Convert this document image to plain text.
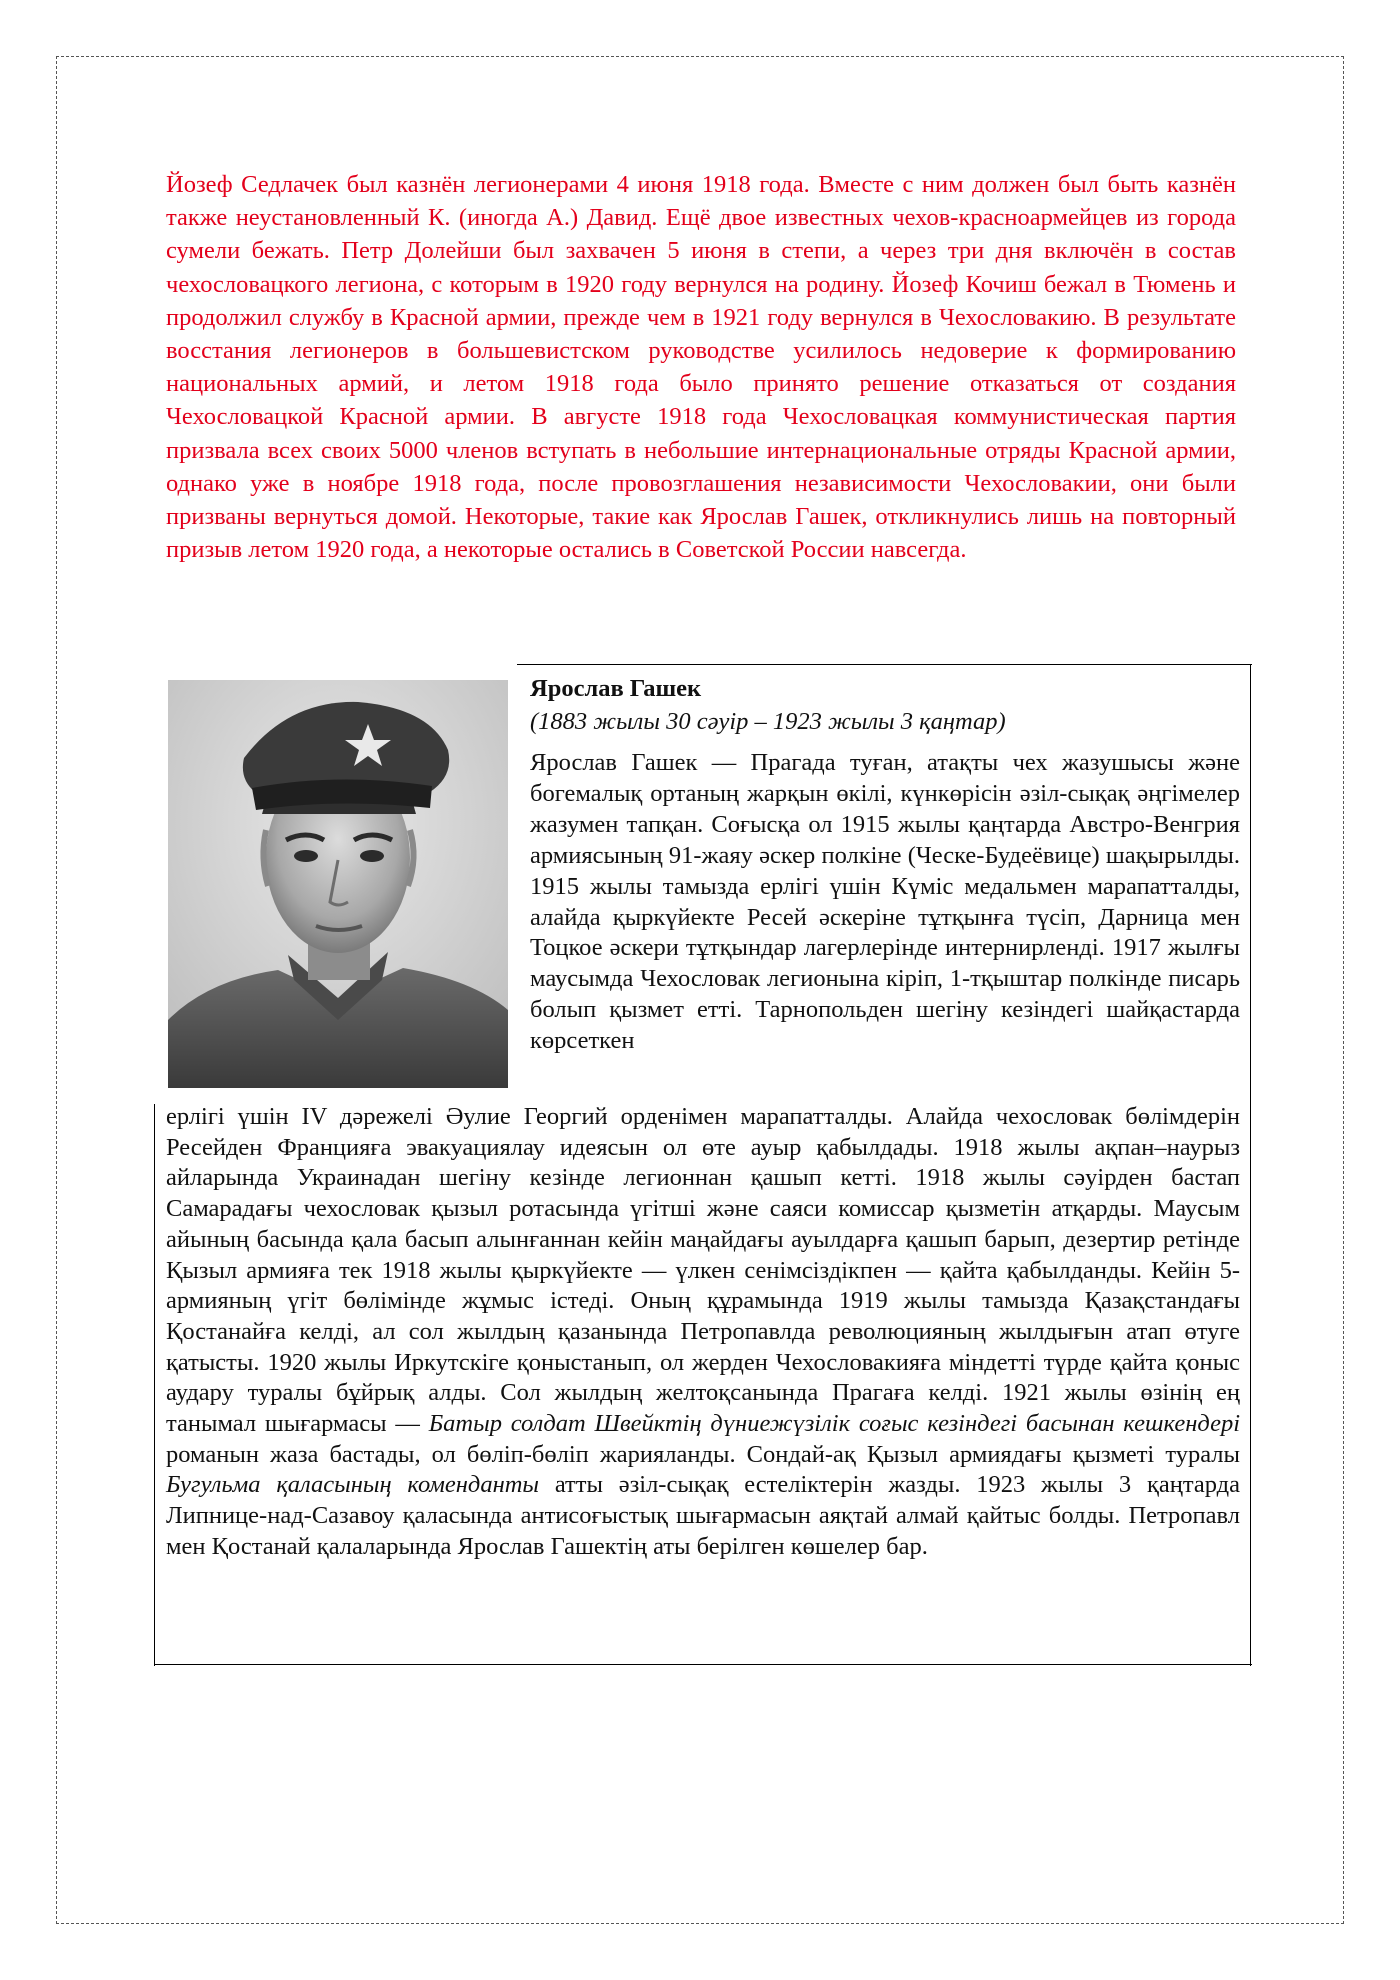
Йозеф Седлачек был казнён легионерами 4 июня 1918 года. Вместе с ним должен был быть казнён также неустановленный К. (иногда А.) Давид. Ещё двое известных чехов-красноармейцев из города сумели бежать. Петр Долейши был захвачен 5 июня в степи, а через три дня включён в состав чехословацкого легиона, с которым в 1920 году вернулся на родину. Йозеф Кочиш бежал в Тюмень и продолжил службу в Красной армии, прежде чем в 1921 году вернулся в Чехословакию. В результате восстания легионеров в большевистском руководстве усилилось недоверие к формированию национальных армий, и летом 1918 года было принято решение отказаться от создания Чехословацкой Красной армии. В августе 1918 года Чехословацкая коммунистическая партия призвала всех своих 5000 членов вступать в небольшие интернациональные отряды Красной армии, однако уже в ноябре 1918 года, после провозглашения независимости Чехословакии, они были призваны вернуться домой. Некоторые, такие как Ярослав Гашек, откликнулись лишь на повторный призыв летом 1920 года, а некоторые остались в Советской России навсегда.

Ярослав Гашек

(1883 жылы 30 сәуір – 1923 жылы 3 қаңтар)

Ярослав Гашек — Прагада туған, атақты чех жазушысы және богемалық ортаның жарқын өкілі, күнкөрісін әзіл-сықақ әңгімелер жазумен тапқан. Соғысқа ол 1915 жылы қаңтарда Австро-Венгрия армиясының 91-жаяу әскер полкіне (Ческе-Будеёвице) шақырылды. 1915 жылы тамызда ерлігі үшін Күміс медальмен марапатталды, алайда қыркүйекте Ресей әскеріне тұтқынға түсіп, Дарница мен Тоцкое әскери тұтқындар лагерлерінде интернирленді. 1917 жылғы маусымда Чехословак легионына кіріп, 1-тқыштар полкінде писарь болып қызмет етті. Тарнопольден шегіну кезіндегі шайқастарда көрсеткен

ерлігі үшін IV дәрежелі Әулие Георгий орденімен марапатталды. Алайда чехословак бөлімдерін Ресейден Францияға эвакуациялау идеясын ол өте ауыр қабылдады. 1918 жылы ақпан–наурыз айларында Украинадан шегіну кезінде легионнан қашып кетті. 1918 жылы сәуірден бастап Самарадағы чехословак қызыл ротасында үгітші және саяси комиссар қызметін атқарды. Маусым айының басында қала басып алынғаннан кейін маңайдағы ауылдарға қашып барып, дезертир ретінде Қызыл армияға тек 1918 жылы қыркүйекте — үлкен сенімсіздікпен — қайта қабылданды. Кейін 5-армияның үгіт бөлімінде жұмыс істеді. Оның құрамында 1919 жылы тамызда Қазақстандағы Қостанайға келді, ал сол жылдың қазанында Петропавлда революцияның жылдығын атап өтуге қатысты. 1920 жылы Иркутскіге қоныстанып, ол жерден Чехословакияға міндетті түрде қайта қоныс аудару туралы бұйрық алды. Сол жылдың желтоқсанында Прагаға келді. 1921 жылы өзінің ең танымал шығармасы — Батыр солдат Швейктің дүниежүзілік соғыс кезіндегі басынан кешкендері романын жаза бастады, ол бөліп-бөліп жарияланды. Сондай-ақ Қызыл армиядағы қызметі туралы Бугульма қаласының коменданты атты әзіл-сықақ естеліктерін жазды. 1923 жылы 3 қаңтарда Липнице-над-Сазавоу қаласында антисоғыстық шығармасын аяқтай алмай қайтыс болды. Петропавл мен Қостанай қалаларында Ярослав Гашектің аты берілген көшелер бар.
